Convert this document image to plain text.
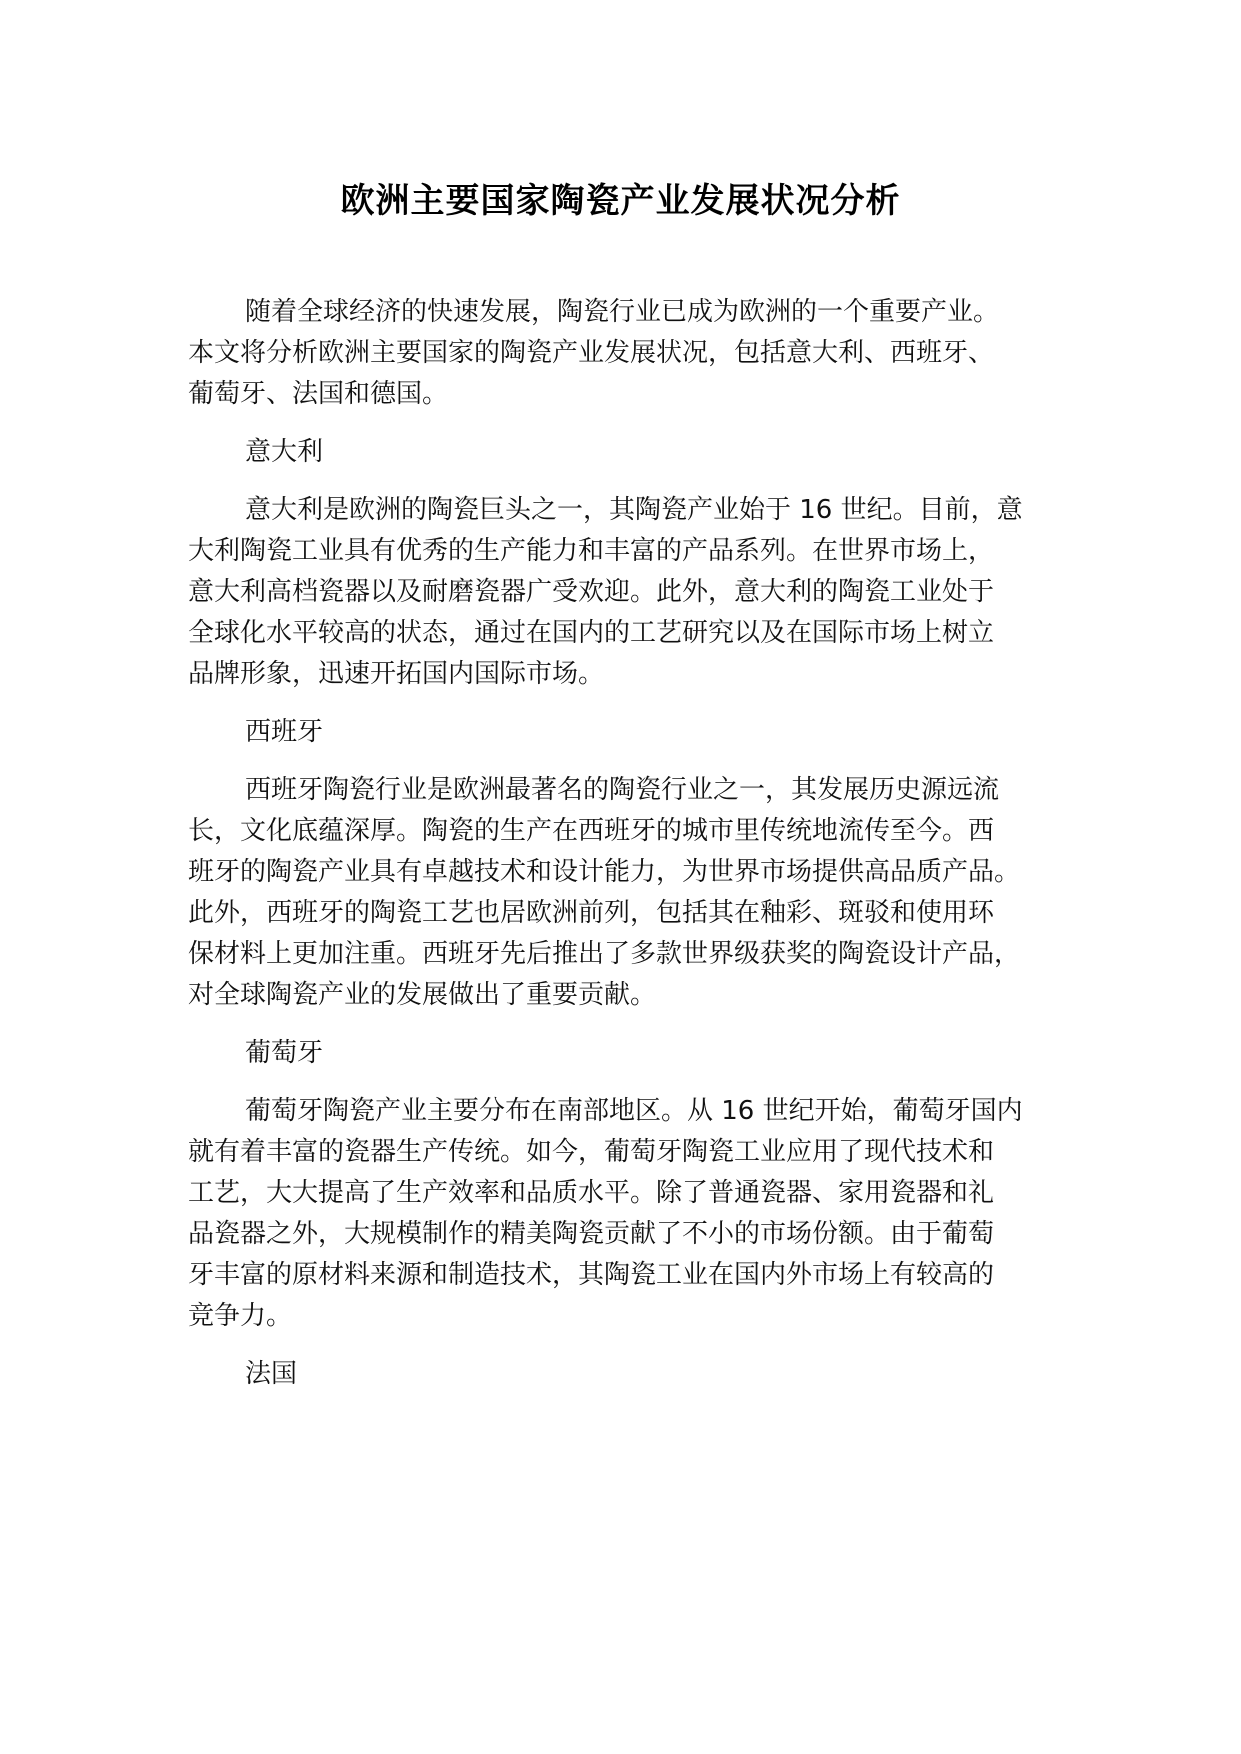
欧洲主要国家陶瓷产业发展状况分析
随着全球经济的快速发展，陶瓷行业已成为欧洲的一个重要产业。
本文将分析欧洲主要国家的陶瓷产业发展状况，包括意大利、西班牙、
葡萄牙、法国和德国。
意大利
意大利是欧洲的陶瓷巨头之一，其陶瓷产业始于 16 世纪。目前，意
大利陶瓷工业具有优秀的生产能力和丰富的产品系列。在世界市场上，
意大利高档瓷器以及耐磨瓷器广受欢迎。此外，意大利的陶瓷工业处于
全球化水平较高的状态，通过在国内的工艺研究以及在国际市场上树立
品牌形象，迅速开拓国内国际市场。
西班牙
西班牙陶瓷行业是欧洲最著名的陶瓷行业之一，其发展历史源远流
长，文化底蕴深厚。陶瓷的生产在西班牙的城市里传统地流传至今。西
班牙的陶瓷产业具有卓越技术和设计能力，为世界市场提供高品质产品。
此外，西班牙的陶瓷工艺也居欧洲前列，包括其在釉彩、斑驳和使用环
保材料上更加注重。西班牙先后推出了多款世界级获奖的陶瓷设计产品，
对全球陶瓷产业的发展做出了重要贡献。
葡萄牙
葡萄牙陶瓷产业主要分布在南部地区。从 16 世纪开始，葡萄牙国内
就有着丰富的瓷器生产传统。如今，葡萄牙陶瓷工业应用了现代技术和
工艺，大大提高了生产效率和品质水平。除了普通瓷器、家用瓷器和礼
品瓷器之外，大规模制作的精美陶瓷贡献了不小的市场份额。由于葡萄
牙丰富的原材料来源和制造技术，其陶瓷工业在国内外市场上有较高的
竞争力。
法国
